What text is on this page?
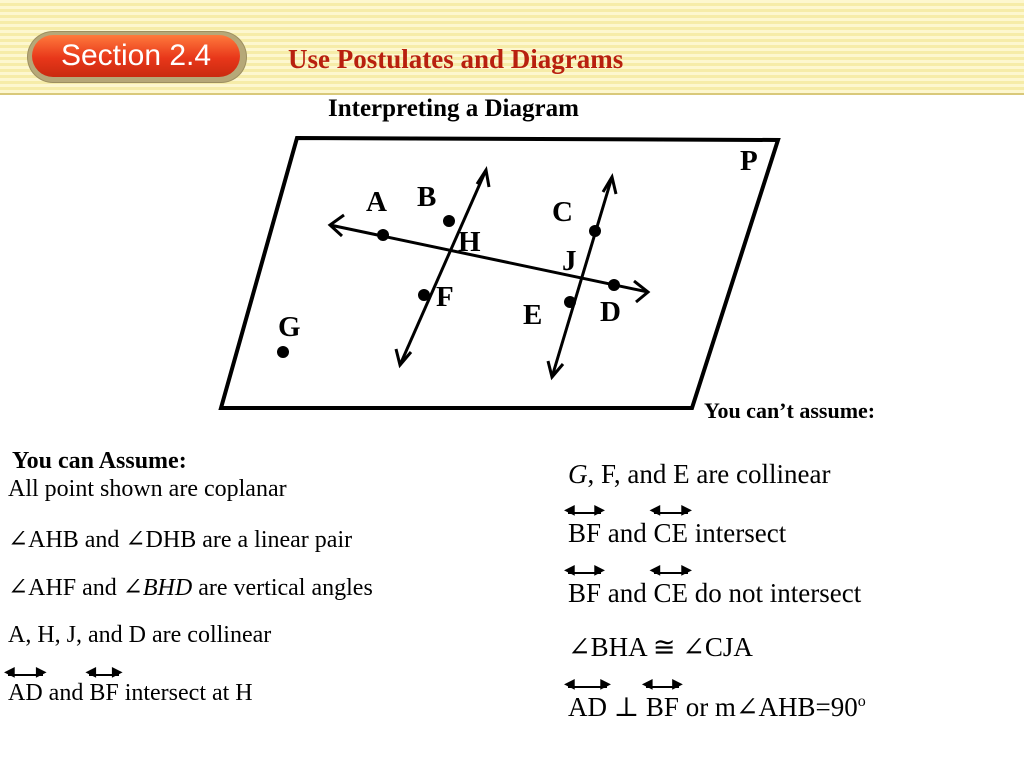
Section 2.4	Use Postulates and Diagrams
Interpreting a Diagram
P
A B
H
C
J
F
E D
G
You can’t assume:
You can Assume:
All point shown are coplanar
∠AHB and ∠DHB are a linear pair
∠AHF and ∠BHD are vertical angles
A, H, J, and D are collinear
◀ ▶
AD and
◀ ▶
BF intersect at H
G, F, and E are collinear
◀ ▶
BF and
◀ ▶
CE intersect
◀ ▶
BF and
◀ ▶
CE do not intersect
∠BHA ≅ ∠CJA
◀ ▶
AD ⊥
◀ ▶
BF or $m\angle AHB=90^o$
